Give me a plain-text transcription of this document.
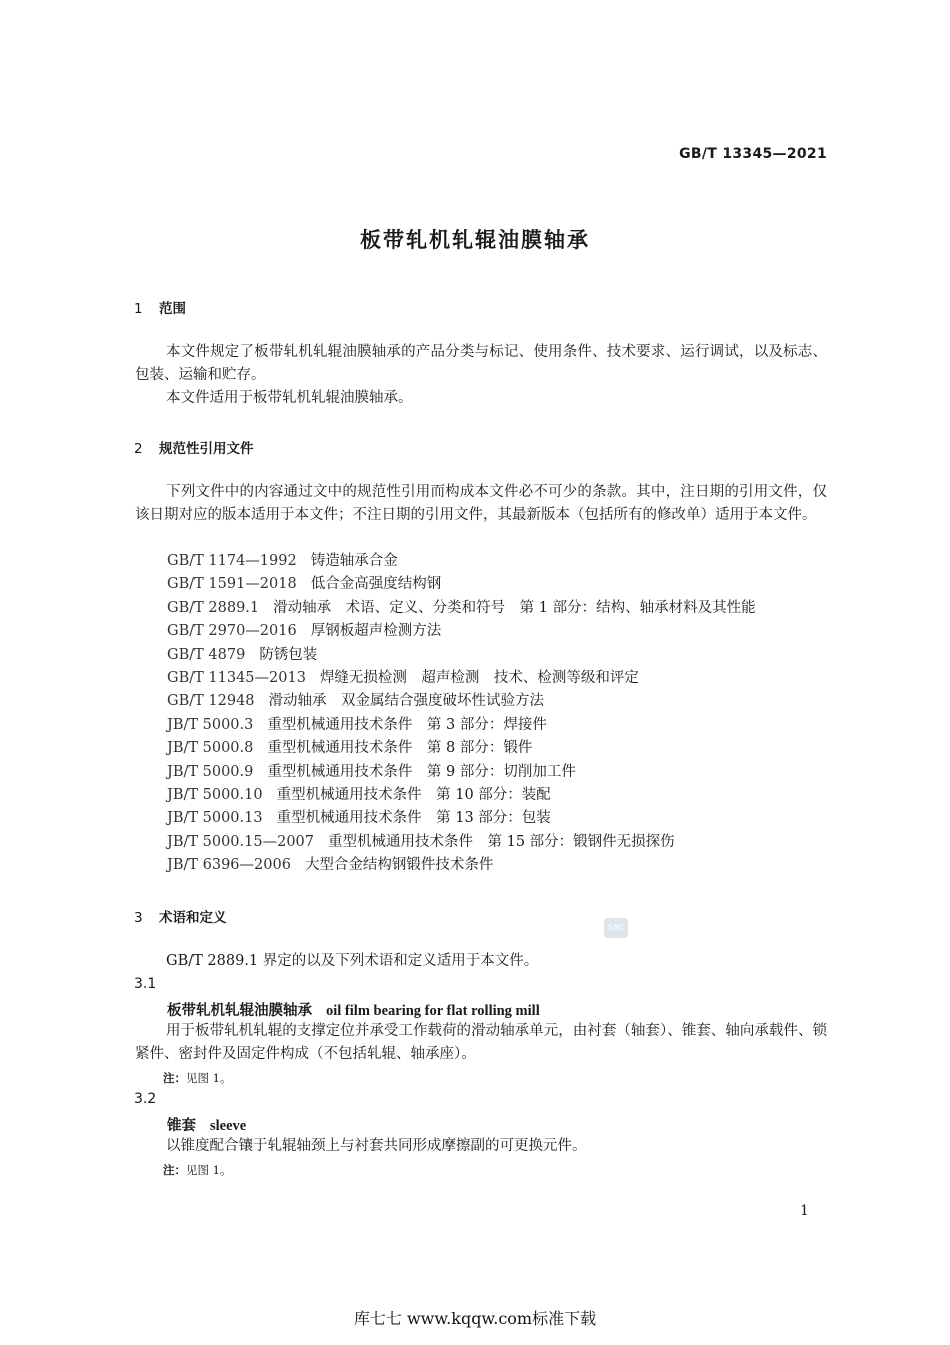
GB/T 13345—2021
板带轧机轧辊油膜轴承
1 范围
本文件规定了板带轧机轧辊油膜轴承的产品分类与标记、使用条件、技术要求、运行调试，以及标志、包装、运输和贮存。
本文件适用于板带轧机轧辊油膜轴承。
2 规范性引用文件
下列文件中的内容通过文中的规范性引用而构成本文件必不可少的条款。其中，注日期的引用文件，仅该日期对应的版本适用于本文件；不注日期的引用文件，其最新版本（包括所有的修改单）适用于本文件。
GB/T 1174—1992 铸造轴承合金
GB/T 1591—2018 低合金高强度结构钢
GB/T 2889.1 滑动轴承　术语、定义、分类和符号　第 1 部分：结构、轴承材料及其性能
GB/T 2970—2016 厚钢板超声检测方法
GB/T 4879 防锈包装
GB/T 11345—2013 焊缝无损检测　超声检测　技术、检测等级和评定
GB/T 12948 滑动轴承　双金属结合强度破坏性试验方法
JB/T 5000.3 重型机械通用技术条件　第 3 部分：焊接件
JB/T 5000.8 重型机械通用技术条件　第 8 部分：锻件
JB/T 5000.9 重型机械通用技术条件　第 9 部分：切削加工件
JB/T 5000.10 重型机械通用技术条件　第 10 部分：装配
JB/T 5000.13 重型机械通用技术条件　第 13 部分：包装
JB/T 5000.15—2007 重型机械通用技术条件　第 15 部分：锻钢件无损探伤
JB/T 6396—2006 大型合金结构钢锻件技术条件
3 术语和定义
SAC
GB/T 2889.1 界定的以及下列术语和定义适用于本文件。
3.1
板带轧机轧辊油膜轴承 oil film bearing for flat rolling mill
用于板带轧机轧辊的支撑定位并承受工作载荷的滑动轴承单元，由衬套（轴套）、锥套、轴向承载件、锁紧件、密封件及固定件构成（不包括轧辊、轴承座）。
注：见图 1。
3.2
锥套 sleeve
以锥度配合镶于轧辊轴颈上与衬套共同形成摩擦副的可更换元件。
注：见图 1。
1
库七七 www.kqqw.com标准下载
